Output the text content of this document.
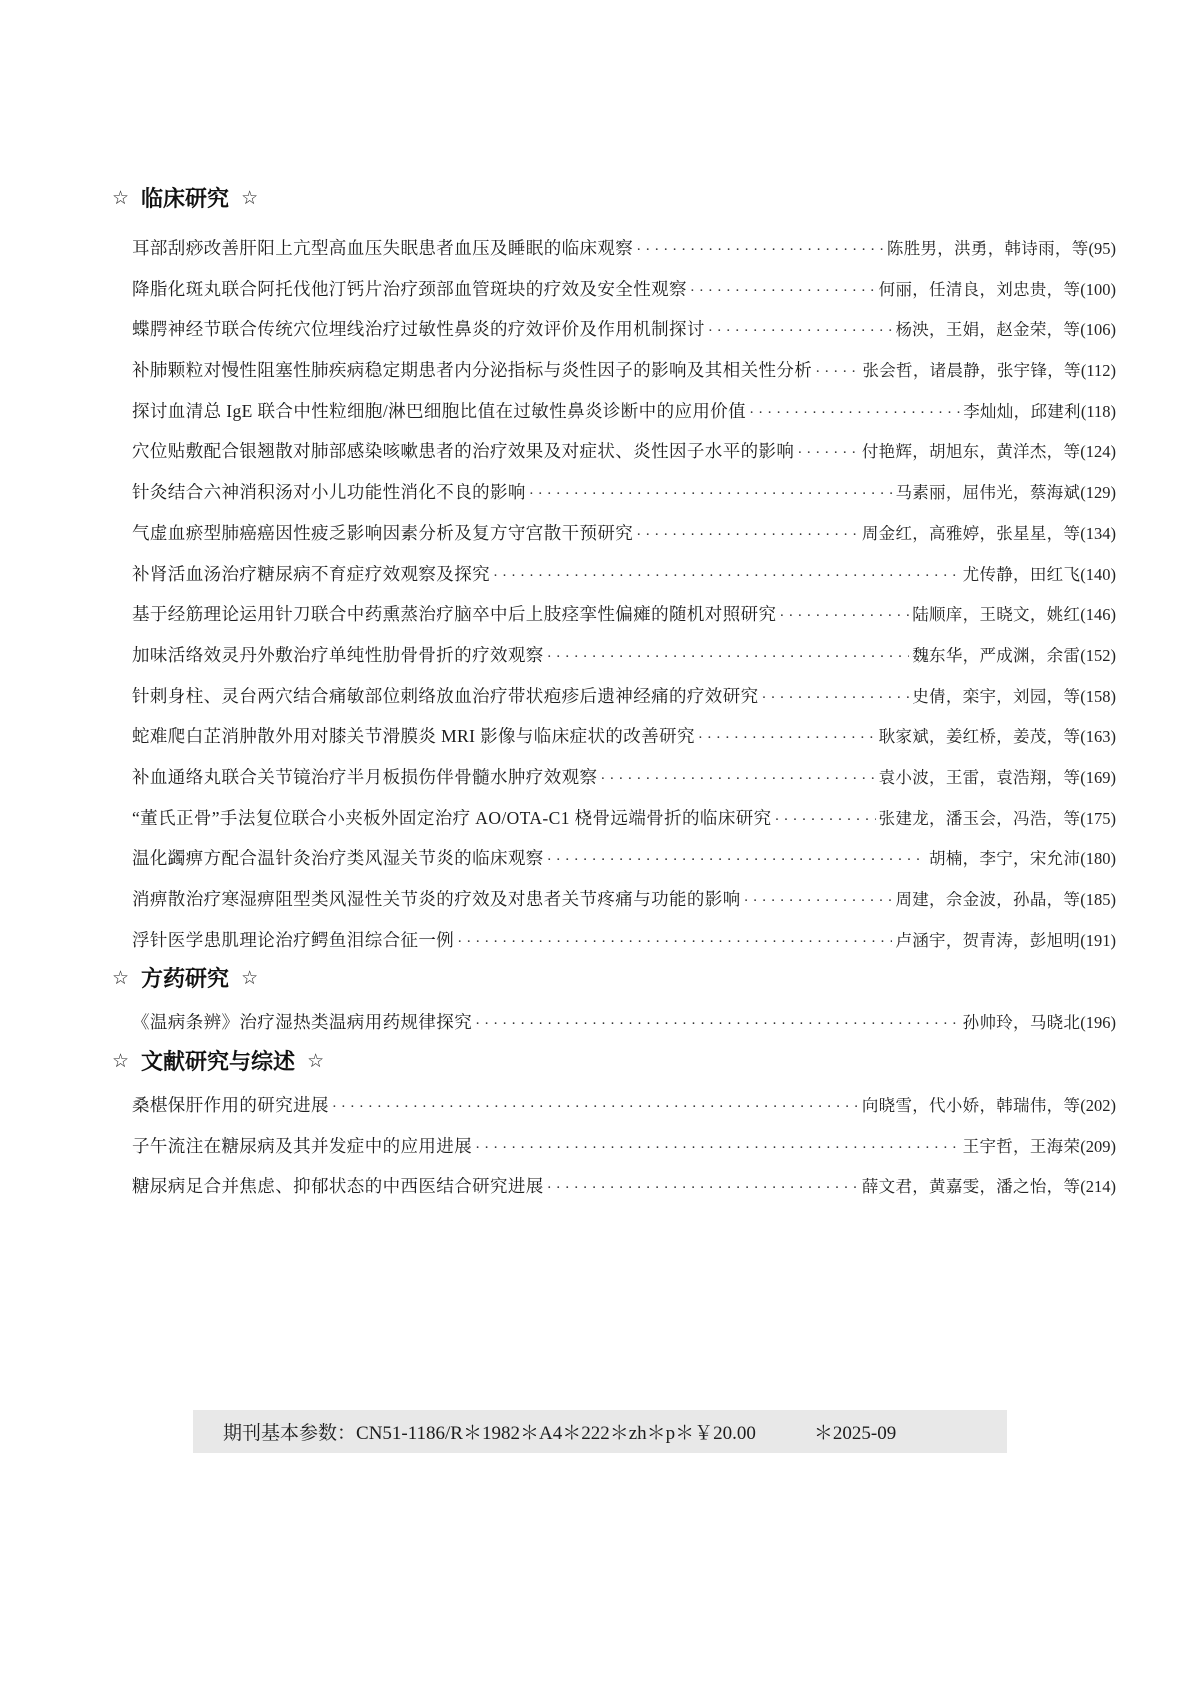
☆ 临床研究 ☆
耳部刮痧改善肝阳上亢型高血压失眠患者血压及睡眠的临床观察 ·····	陈胜男，洪勇，韩诗雨，等 (95)
降脂化斑丸联合阿托伐他汀钙片治疗颈部血管斑块的疗效及安全性观察 ·····	何丽，任清良，刘忠贵，等 (100)
蝶腭神经节联合传统穴位埋线治疗过敏性鼻炎的疗效评价及作用机制探讨 ·····	杨泱，王娟，赵金荣，等 (106)
补肺颗粒对慢性阻塞性肺疾病稳定期患者内分泌指标与炎性因子的影响及其相关性分析 ·····	张会哲，诸晨静，张宇锋，等 (112)
探讨血清总 IgE 联合中性粒细胞/淋巴细胞比值在过敏性鼻炎诊断中的应用价值 ·····	李灿灿，邱建利 (118)
穴位贴敷配合银翘散对肺部感染咳嗽患者的治疗效果及对症状、炎性因子水平的影响 ·····	付艳辉，胡旭东，黄洋杰，等 (124)
针灸结合六神消积汤对小儿功能性消化不良的影响 ·····	马素丽，屈伟光，蔡海斌 (129)
气虚血瘀型肺癌癌因性疲乏影响因素分析及复方守宫散干预研究 ·····	周金红，高雅婷，张星星，等 (134)
补肾活血汤治疗糖尿病不育症疗效观察及探究 ·····	尤传静，田红飞 (140)
基于经筋理论运用针刀联合中药熏蒸治疗脑卒中后上肢痉挛性偏瘫的随机对照研究 ·····	陆顺庠，王晓文，姚红 (146)
加味活络效灵丹外敷治疗单纯性肋骨骨折的疗效观察 ·····	魏东华，严成渊，余雷 (152)
针刺身柱、灵台两穴结合痛敏部位刺络放血治疗带状疱疹后遗神经痛的疗效研究 ·····	史倩，栾宇，刘园，等 (158)
蛇难爬白芷消肿散外用对膝关节滑膜炎 MRI 影像与临床症状的改善研究 ·····	耿家斌，姜红桥，姜茂，等 (163)
补血通络丸联合关节镜治疗半月板损伤伴骨髓水肿疗效观察 ·····	袁小波，王雷，袁浩翔，等 (169)
“董氏正骨”手法复位联合小夹板外固定治疗 AO/OTA-C1 桡骨远端骨折的临床研究 ·····	张建龙，潘玉会，冯浩，等 (175)
温化蠲痹方配合温针灸治疗类风湿关节炎的临床观察 ·····	胡楠，李宁，宋允沛 (180)
消痹散治疗寒湿痹阻型类风湿性关节炎的疗效及对患者关节疼痛与功能的影响 ·····	周建，佘金波，孙晶，等 (185)
浮针医学患肌理论治疗鳄鱼泪综合征一例 ·····	卢涵宇，贺青涛，彭旭明 (191)
☆ 方药研究 ☆
《温病条辨》治疗湿热类温病用药规律探究 ·····	孙帅玲，马晓北 (196)
☆ 文献研究与综述 ☆
桑椹保肝作用的研究进展 ·····	向晓雪，代小娇，韩瑞伟，等 (202)
子午流注在糖尿病及其并发症中的应用进展 ·····	王宇哲，王海荣 (209)
糖尿病足合并焦虑、抑郁状态的中西医结合研究进展 ·····	薛文君，黄嘉雯，潘之怡，等 (214)
期刊基本参数： CN51-1186/R＊1982＊A4＊222＊zh＊p＊￥20.00	＊2025-09
